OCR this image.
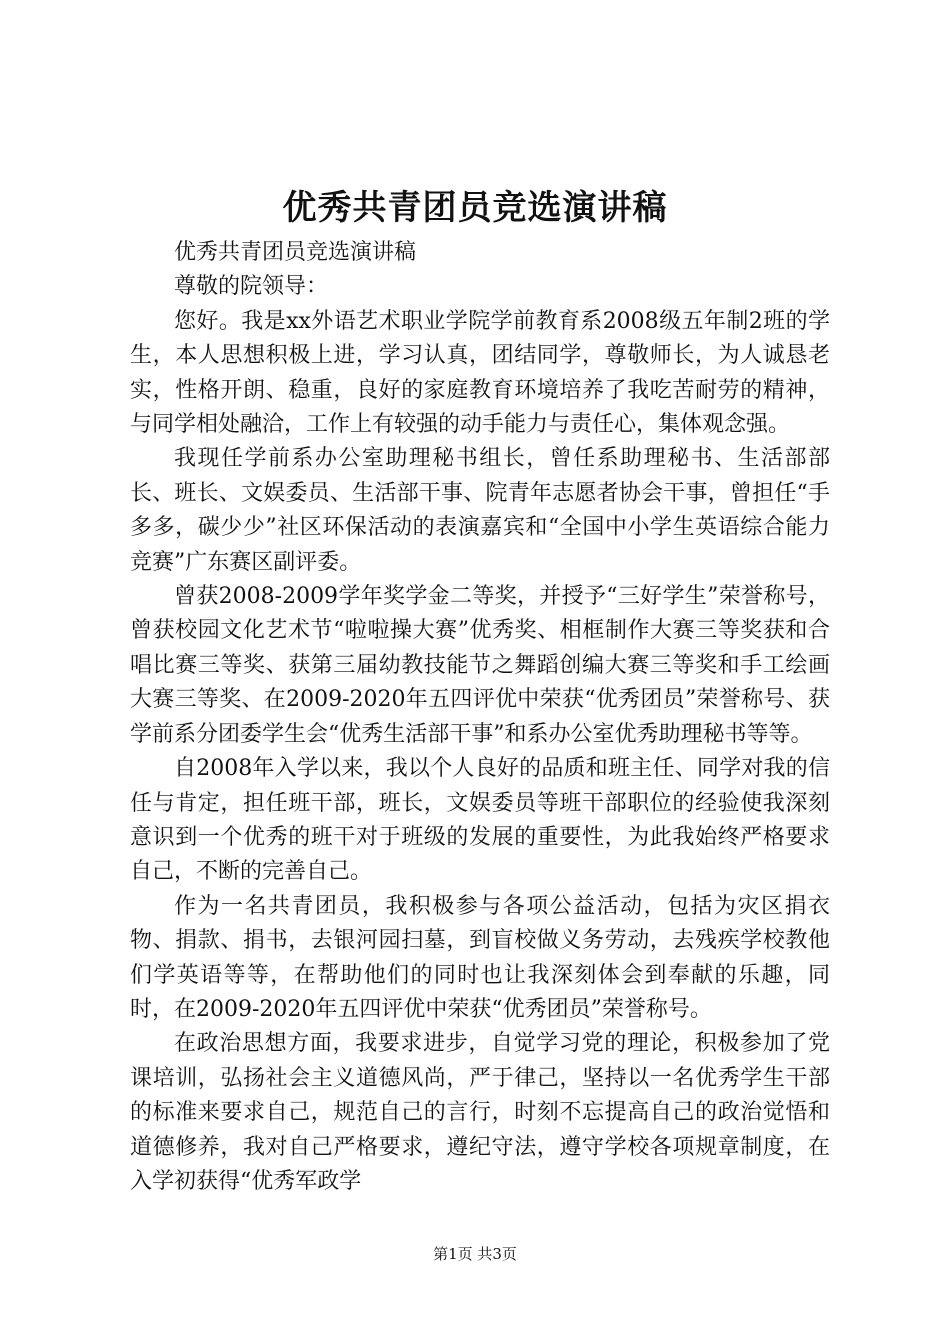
优秀共青团员竞选演讲稿

优秀共青团员竞选演讲稿

尊敬的院领导：

您好。我是xx外语艺术职业学院学前教育系2008级五年制2班的学生，本人思想积极上进，学习认真，团结同学，尊敬师长，为人诚恳老实，性格开朗、稳重，良好的家庭教育环境培养了我吃苦耐劳的精神，与同学相处融洽，工作上有较强的动手能力与责任心，集体观念强。

我现任学前系办公室助理秘书组长，曾任系助理秘书、生活部部长、班长、文娱委员、生活部干事、院青年志愿者协会干事，曾担任“手多多，碳少少”社区环保活动的表演嘉宾和“全国中小学生英语综合能力竞赛”广东赛区副评委。

曾获2008-2009学年奖学金二等奖，并授予“三好学生”荣誉称号，曾获校园文化艺术节“啦啦操大赛”优秀奖、相框制作大赛三等奖获和合唱比赛三等奖、获第三届幼教技能节之舞蹈创编大赛三等奖和手工绘画大赛三等奖、在2009-2020年五四评优中荣获“优秀团员”荣誉称号、获学前系分团委学生会“优秀生活部干事”和系办公室优秀助理秘书等等。

自2008年入学以来，我以个人良好的品质和班主任、同学对我的信任与肯定，担任班干部，班长，文娱委员等班干部职位的经验使我深刻意识到一个优秀的班干对于班级的发展的重要性，为此我始终严格要求自己，不断的完善自己。

作为一名共青团员，我积极参与各项公益活动，包括为灾区捐衣物、捐款、捐书，去银河园扫墓，到盲校做义务劳动，去残疾学校教他们学英语等等，在帮助他们的同时也让我深刻体会到奉献的乐趣，同时，在2009-2020年五四评优中荣获“优秀团员”荣誉称号。

在政治思想方面，我要求进步，自觉学习党的理论，积极参加了党课培训，弘扬社会主义道德风尚，严于律己，坚持以一名优秀学生干部的标准来要求自己，规范自己的言行，时刻不忘提高自己的政治觉悟和道德修养，我对自己严格要求，遵纪守法，遵守学校各项规章制度，在入学初获得“优秀军政学

第1页 共3页
